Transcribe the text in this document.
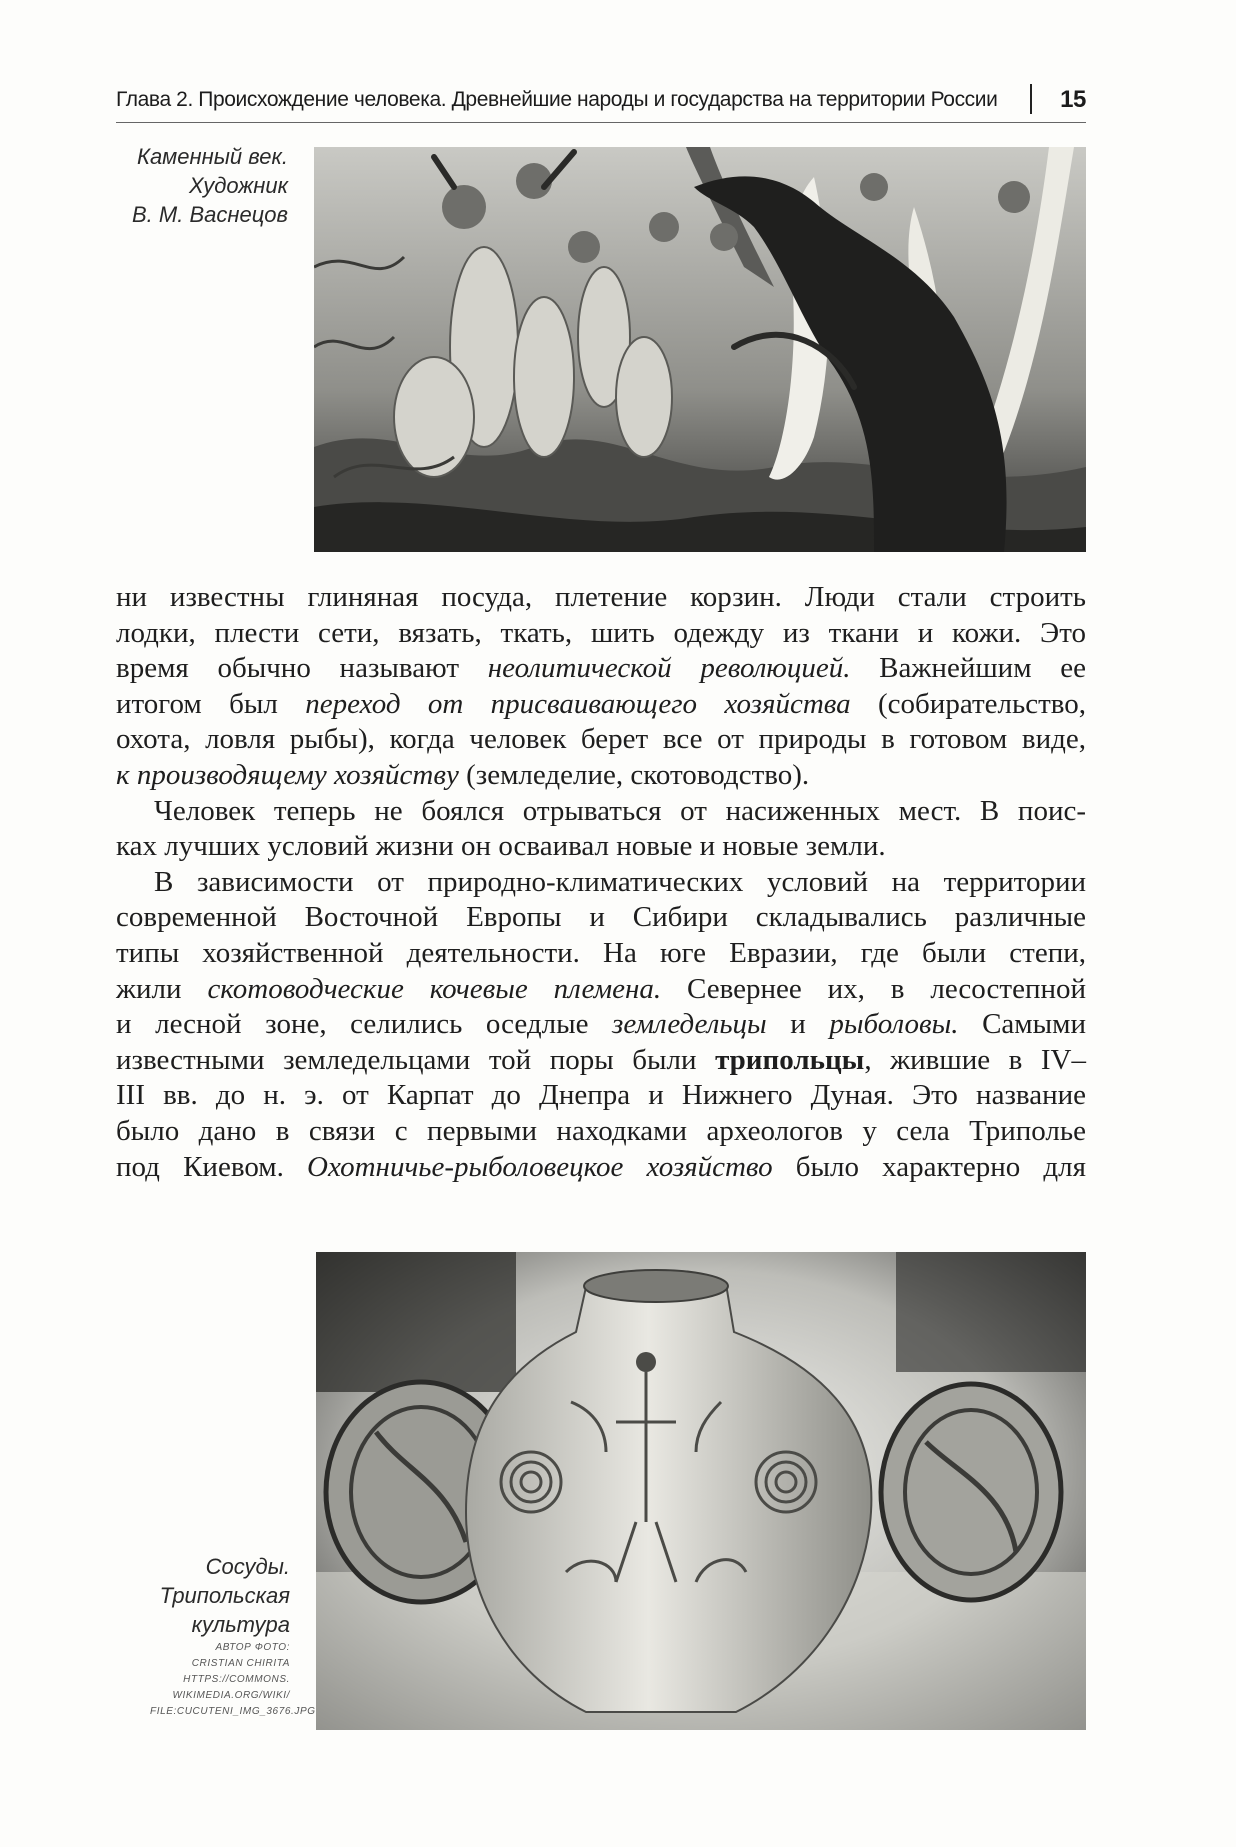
Глава 2. Происхождение человека. Древнейшие народы и государства на территории России	15
Каменный век.
Художник
В. М. Васнецов

ни известны глиняная посуда, плетение корзин. Люди стали строить
лодки, плести сети, вязать, ткать, шить одежду из ткани и кожи. Это
время обычно называют неолитической революцией. Важнейшим ее
итогом был переход от присваивающего хозяйства (собирательство,
охота, ловля рыбы), когда человек берет все от природы в готовом виде,
к производящему хозяйству (земледелие, скотоводство).

Человек теперь не боялся отрываться от насиженных мест. В поис-
ках лучших условий жизни он осваивал новые и новые земли.

В зависимости от природно-климатических условий на территории
современной Восточной Европы и Сибири складывались различные
типы хозяйственной деятельности. На юге Евразии, где были степи,
жили скотоводческие кочевые племена. Севернее их, в лесостепной
и лесной зоне, селились оседлые земледельцы и рыболовы. Самыми
известными земледельцами той поры были трипольцы, жившие в IV–
III вв. до н. э. от Карпат до Днепра и Нижнего Дуная. Это название
было дано в связи с первыми находками археологов у села Триполье
под Киевом. Охотничье-рыболовецкое хозяйство было характерно для

Сосуды.
Трипольская
культура
АВТОР ФОТО:
CRISTIAN CHIRITA
HTTPS://COMMONS.
WIKIMEDIA.ORG/WIKI/
FILE:CUCUTENI_IMG_3676.JPG
